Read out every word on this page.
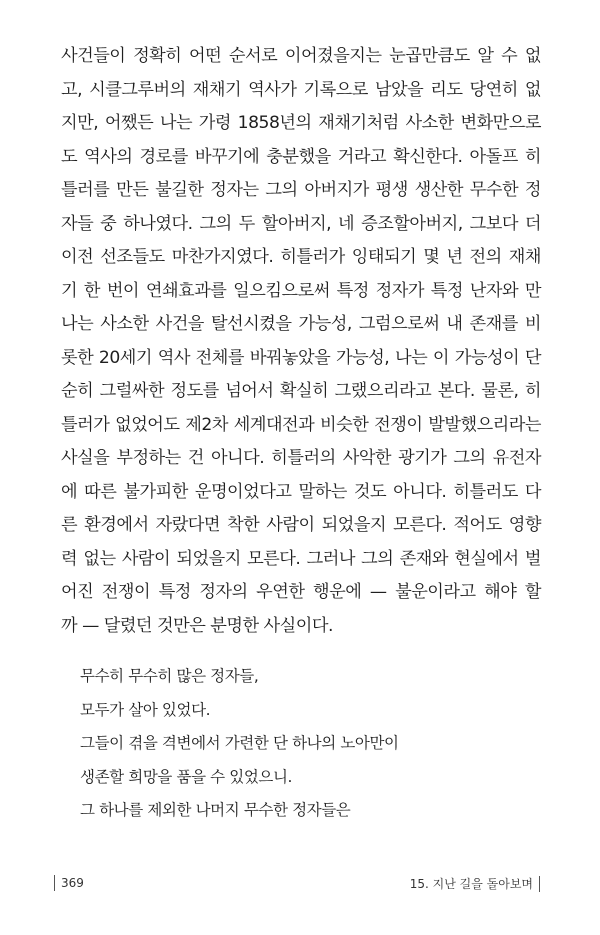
사건들이 정확히 어떤 순서로 이어졌을지는 눈곱만큼도 알 수 없
고, 시클그루버의 재채기 역사가 기록으로 남았을 리도 당연히 없
지만, 어쨌든 나는 가령 1858년의 재채기처럼 사소한 변화만으로
도 역사의 경로를 바꾸기에 충분했을 거라고 확신한다. 아돌프 히
틀러를 만든 불길한 정자는 그의 아버지가 평생 생산한 무수한 정
자들 중 하나였다. 그의 두 할아버지, 네 증조할아버지, 그보다 더
이전 선조들도 마찬가지였다. 히틀러가 잉태되기 몇 년 전의 재채
기 한 번이 연쇄효과를 일으킴으로써 특정 정자가 특정 난자와 만
나는 사소한 사건을 탈선시켰을 가능성, 그럼으로써 내 존재를 비
롯한 20세기 역사 전체를 바꿔놓았을 가능성, 나는 이 가능성이 단
순히 그럴싸한 정도를 넘어서 확실히 그랬으리라고 본다. 물론, 히
틀러가 없었어도 제2차 세계대전과 비슷한 전쟁이 발발했으리라는
사실을 부정하는 건 아니다. 히틀러의 사악한 광기가 그의 유전자
에 따른 불가피한 운명이었다고 말하는 것도 아니다. 히틀러도 다
른 환경에서 자랐다면 착한 사람이 되었을지 모른다. 적어도 영향
력 없는 사람이 되었을지 모른다. 그러나 그의 존재와 현실에서 벌
어진 전쟁이 특정 정자의 우연한 행운에 — 불운이라고 해야 할
까 — 달렸던 것만은 분명한 사실이다.
무수히 무수히 많은 정자들,
모두가 살아 있었다.
그들이 겪을 격변에서 가련한 단 하나의 노아만이
생존할 희망을 품을 수 있었으니.
그 하나를 제외한 나머지 무수한 정자들은
369	15. 지난 길을 돌아보며
